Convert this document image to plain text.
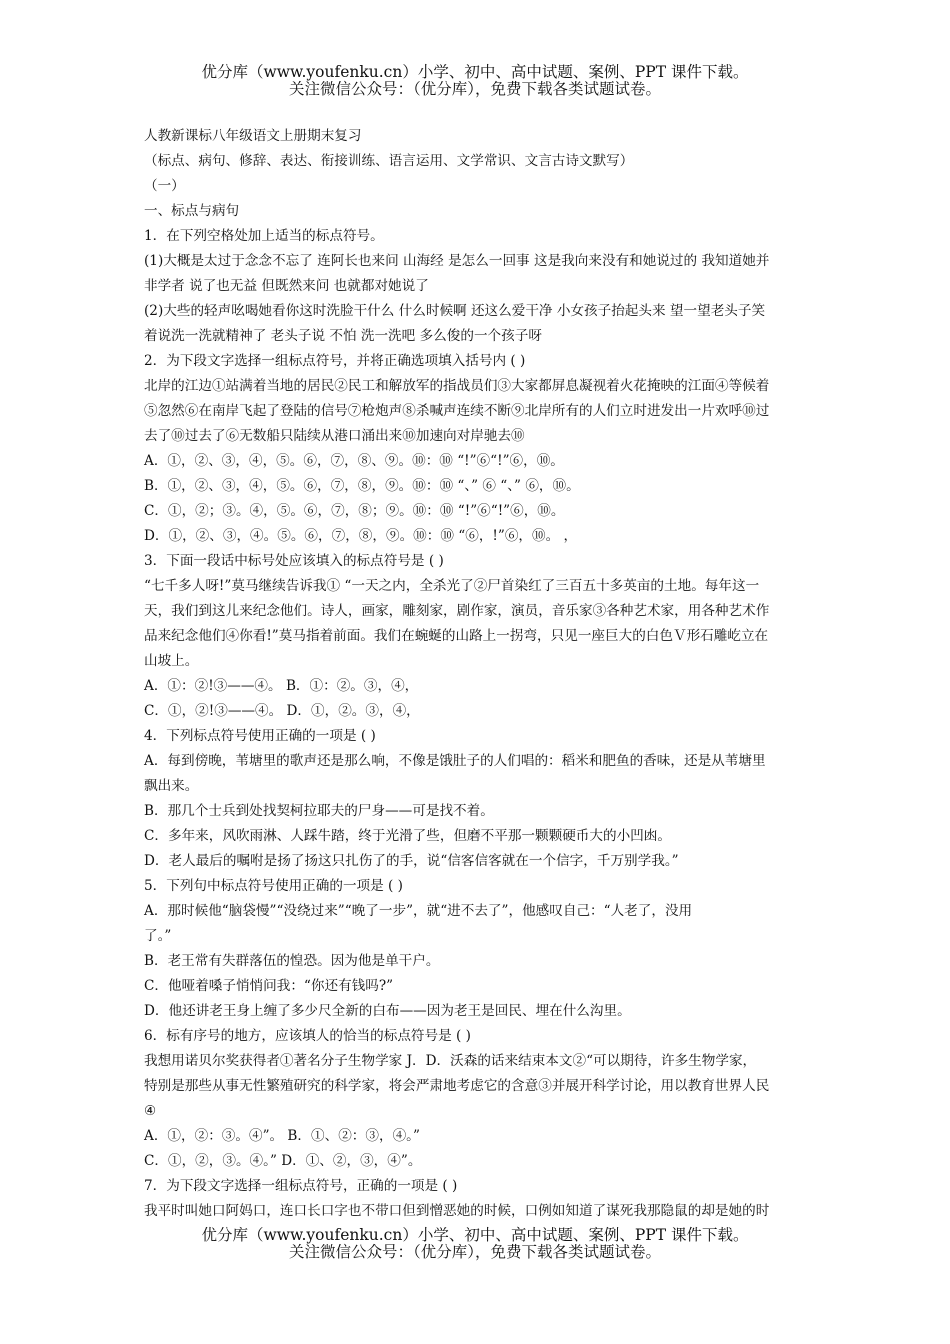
优分库（www.youfenku.cn）小学、初中、高中试题、案例、PPT 课件下载。
关注微信公众号：（优分库），免费下载各类试题试卷。

人教新课标八年级语文上册期末复习

（标点、病句、修辞、表达、衔接训练、语言运用、文学常识、文言古诗文默写）

（一）

一、标点与病句

1．在下列空格处加上适当的标点符号。

(1)大概是太过于念念不忘了 连阿长也来问 山海经 是怎么一回事 这是我向来没有和她说过的 我知道她并

非学者 说了也无益 但既然来问 也就都对她说了

(2)大些的轻声吆喝她看你这时洗脸干什么 什么时候啊 还这么爱干净 小女孩子抬起头来 望一望老头子笑

着说洗一洗就精神了 老头子说 不怕 洗一洗吧 多么俊的一个孩子呀

2．为下段文字选择一组标点符号，并将正确选项填入括号内 ( )

北岸的江边①站满着当地的居民②民工和解放军的指战员们③大家都屏息凝视着火花掩映的江面④等候着

⑤忽然⑥在南岸飞起了登陆的信号⑦枪炮声⑧杀喊声连续不断⑨北岸所有的人们立时进发出一片欢呼⑩过

去了⑩过去了⑥无数船只陆续从港口涌出来⑩加速向对岸驰去⑩

A．①，②、③，④，⑤。⑥，⑦，⑧、⑨。⑩：⑩ “!”⑥“!”⑥，⑩。

B．①，②、③，④，⑤。⑥，⑦，⑧，⑨。⑩：⑩ “、” ⑥ “、” ⑥，⑩。

C．①，②；③。④，⑤。⑥，⑦，⑧；⑨。⑩：⑩ “!”⑥“!”⑥，⑩。

D．①，②、③，④。⑤。⑥，⑦，⑧，⑨。⑩：⑩ “⑥，!”⑥，⑩。 ，

3．下面一段话中标号处应该填入的标点符号是 ( )

“七千多人呀!”莫马继续告诉我① “一天之内，全杀光了②尸首染红了三百五十多英亩的土地。每年这一

天，我们到这儿来纪念他们。诗人，画家，雕刻家，剧作家，演员，音乐家③各种艺术家，用各种艺术作

品来纪念他们④你看!”莫马指着前面。我们在蜿蜒的山路上一拐弯，只见一座巨大的白色Ｖ形石雕屹立在

山坡上。

A．①：②!③——④。 B．①：②。③，④，

C．①，②!③——④。 D．①，②。③，④，

4．下列标点符号使用正确的一项是 ( )

A．每到傍晚，苇塘里的歌声还是那么响，不像是饿肚子的人们唱的：稻米和肥鱼的香味，还是从苇塘里

飘出来。

B．那几个士兵到处找契柯拉耶夫的尸身——可是找不着。

C．多年来，风吹雨淋、人踩牛踏，终于光滑了些，但磨不平那一颗颗硬币大的小凹凼。

D．老人最后的嘱咐是扬了扬这只扎伤了的手，说“信客信客就在一个信字，千万别学我。”

5．下列句中标点符号使用正确的一项是 ( )

A．那时候他“脑袋慢”“没绕过来”“晚了一步”，就“进不去了”，他感叹自己：“人老了，没用

了。”

B．老王常有失群落伍的惶恐。因为他是单干户。

C．他哑着嗓子悄悄问我：“你还有钱吗?”

D．他还讲老王身上缠了多少尺全新的白布——因为老王是回民、埋在什么沟里。

6．标有序号的地方，应该填人的恰当的标点符号是 ( )

我想用诺贝尔奖获得者①著名分子生物学家 J．D．沃森的话来结束本文②“可以期待，许多生物学家，

特别是那些从事无性繁殖研究的科学家，将会严肃地考虑它的含意③并展开科学讨论，用以教育世界人民

④

A．①，②：③。④”。 B．①、②：③，④。”

C．①，②，③。④。” D．①、②，③，④”。

7．为下段文字选择一组标点符号，正确的一项是 ( )

我平时叫她口阿妈口，连口长口字也不带口但到憎恶她的时候，口例如知道了谋死我那隐鼠的却是她的时

优分库（www.youfenku.cn）小学、初中、高中试题、案例、PPT 课件下载。
关注微信公众号：（优分库），免费下载各类试题试卷。
